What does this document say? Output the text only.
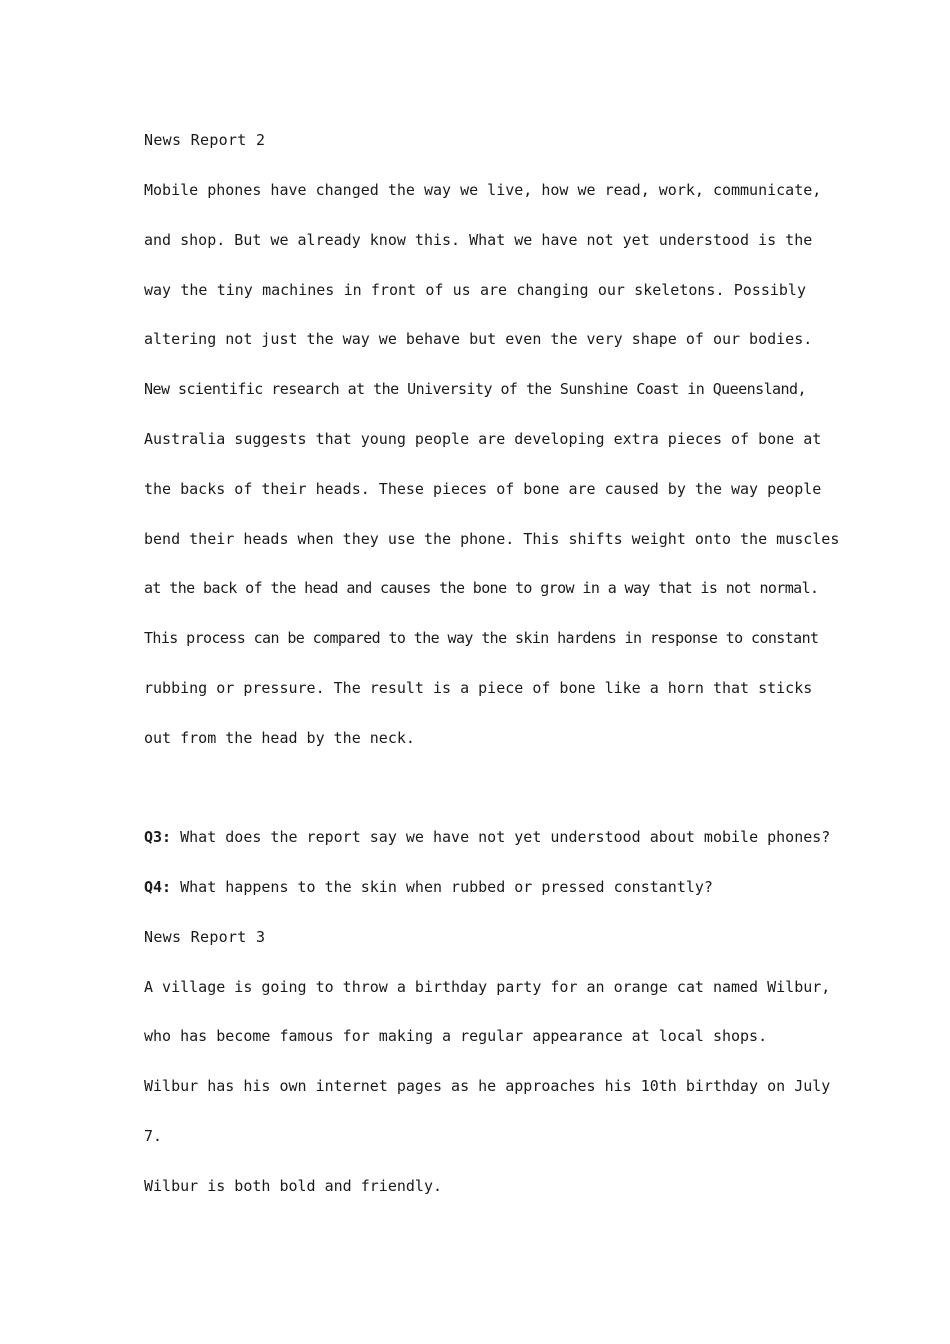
News Report 2
Mobile phones have changed the way we live, how we read, work, communicate,
and shop. But we already know this. What we have not yet understood is the
way the tiny machines in front of us are changing our skeletons. Possibly
altering not just the way we behave but even the very shape of our bodies.
New scientific research at the University of the Sunshine Coast in Queensland,
Australia suggests that young people are developing extra pieces of bone at
the backs of their heads. These pieces of bone are caused by the way people
bend their heads when they use the phone. This shifts weight onto the muscles
at the back of the head and causes the bone to grow in a way that is not normal.
This process can be compared to the way the skin hardens in response to constant
rubbing or pressure. The result is a piece of bone like a horn that sticks
out from the head by the neck.
Q3: What does the report say we have not yet understood about mobile phones?
Q4: What happens to the skin when rubbed or pressed constantly?
News Report 3
A village is going to throw a birthday party for an orange cat named Wilbur,
who has become famous for making a regular appearance at local shops.
Wilbur has his own internet pages as he approaches his 10th birthday on July
7.
Wilbur is both bold and friendly.
